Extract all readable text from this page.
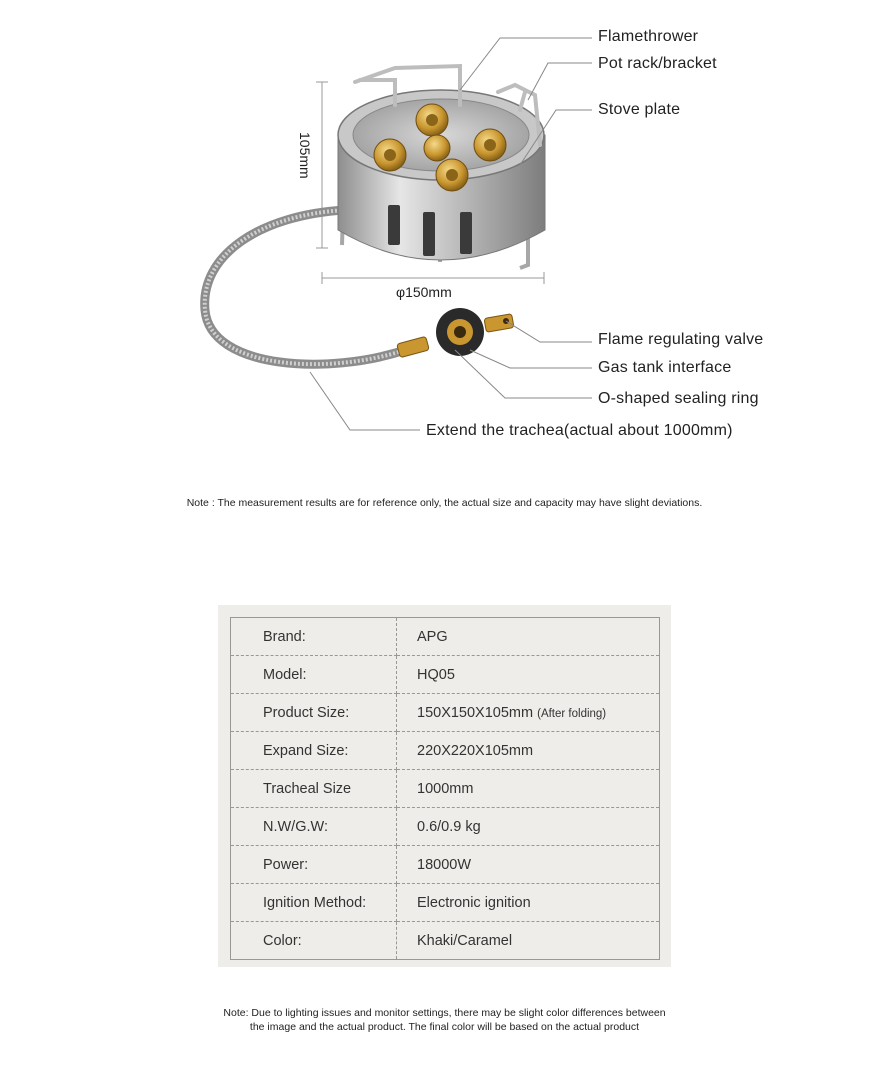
Flamethrower
Pot rack/bracket
Stove plate
Flame regulating valve
Gas tank interface
O-shaped sealing ring
Extend the trachea(actual about 1000mm)
105mm
φ150mm
Note : The measurement results are for reference only, the actual size and capacity may have slight deviations.
Brand:	APG
Model:	HQ05
Product Size:	150X150X105mm (After folding)
Expand Size:	220X220X105mm
Tracheal Size	1000mm
N.W/G.W:	0.6/0.9 kg
Power:	18000W
Ignition Method:	Electronic ignition
Color:	Khaki/Caramel
Note: Due to lighting issues and monitor settings, there may be slight color differences between
the image and the actual product. The final color will be based on the actual product
